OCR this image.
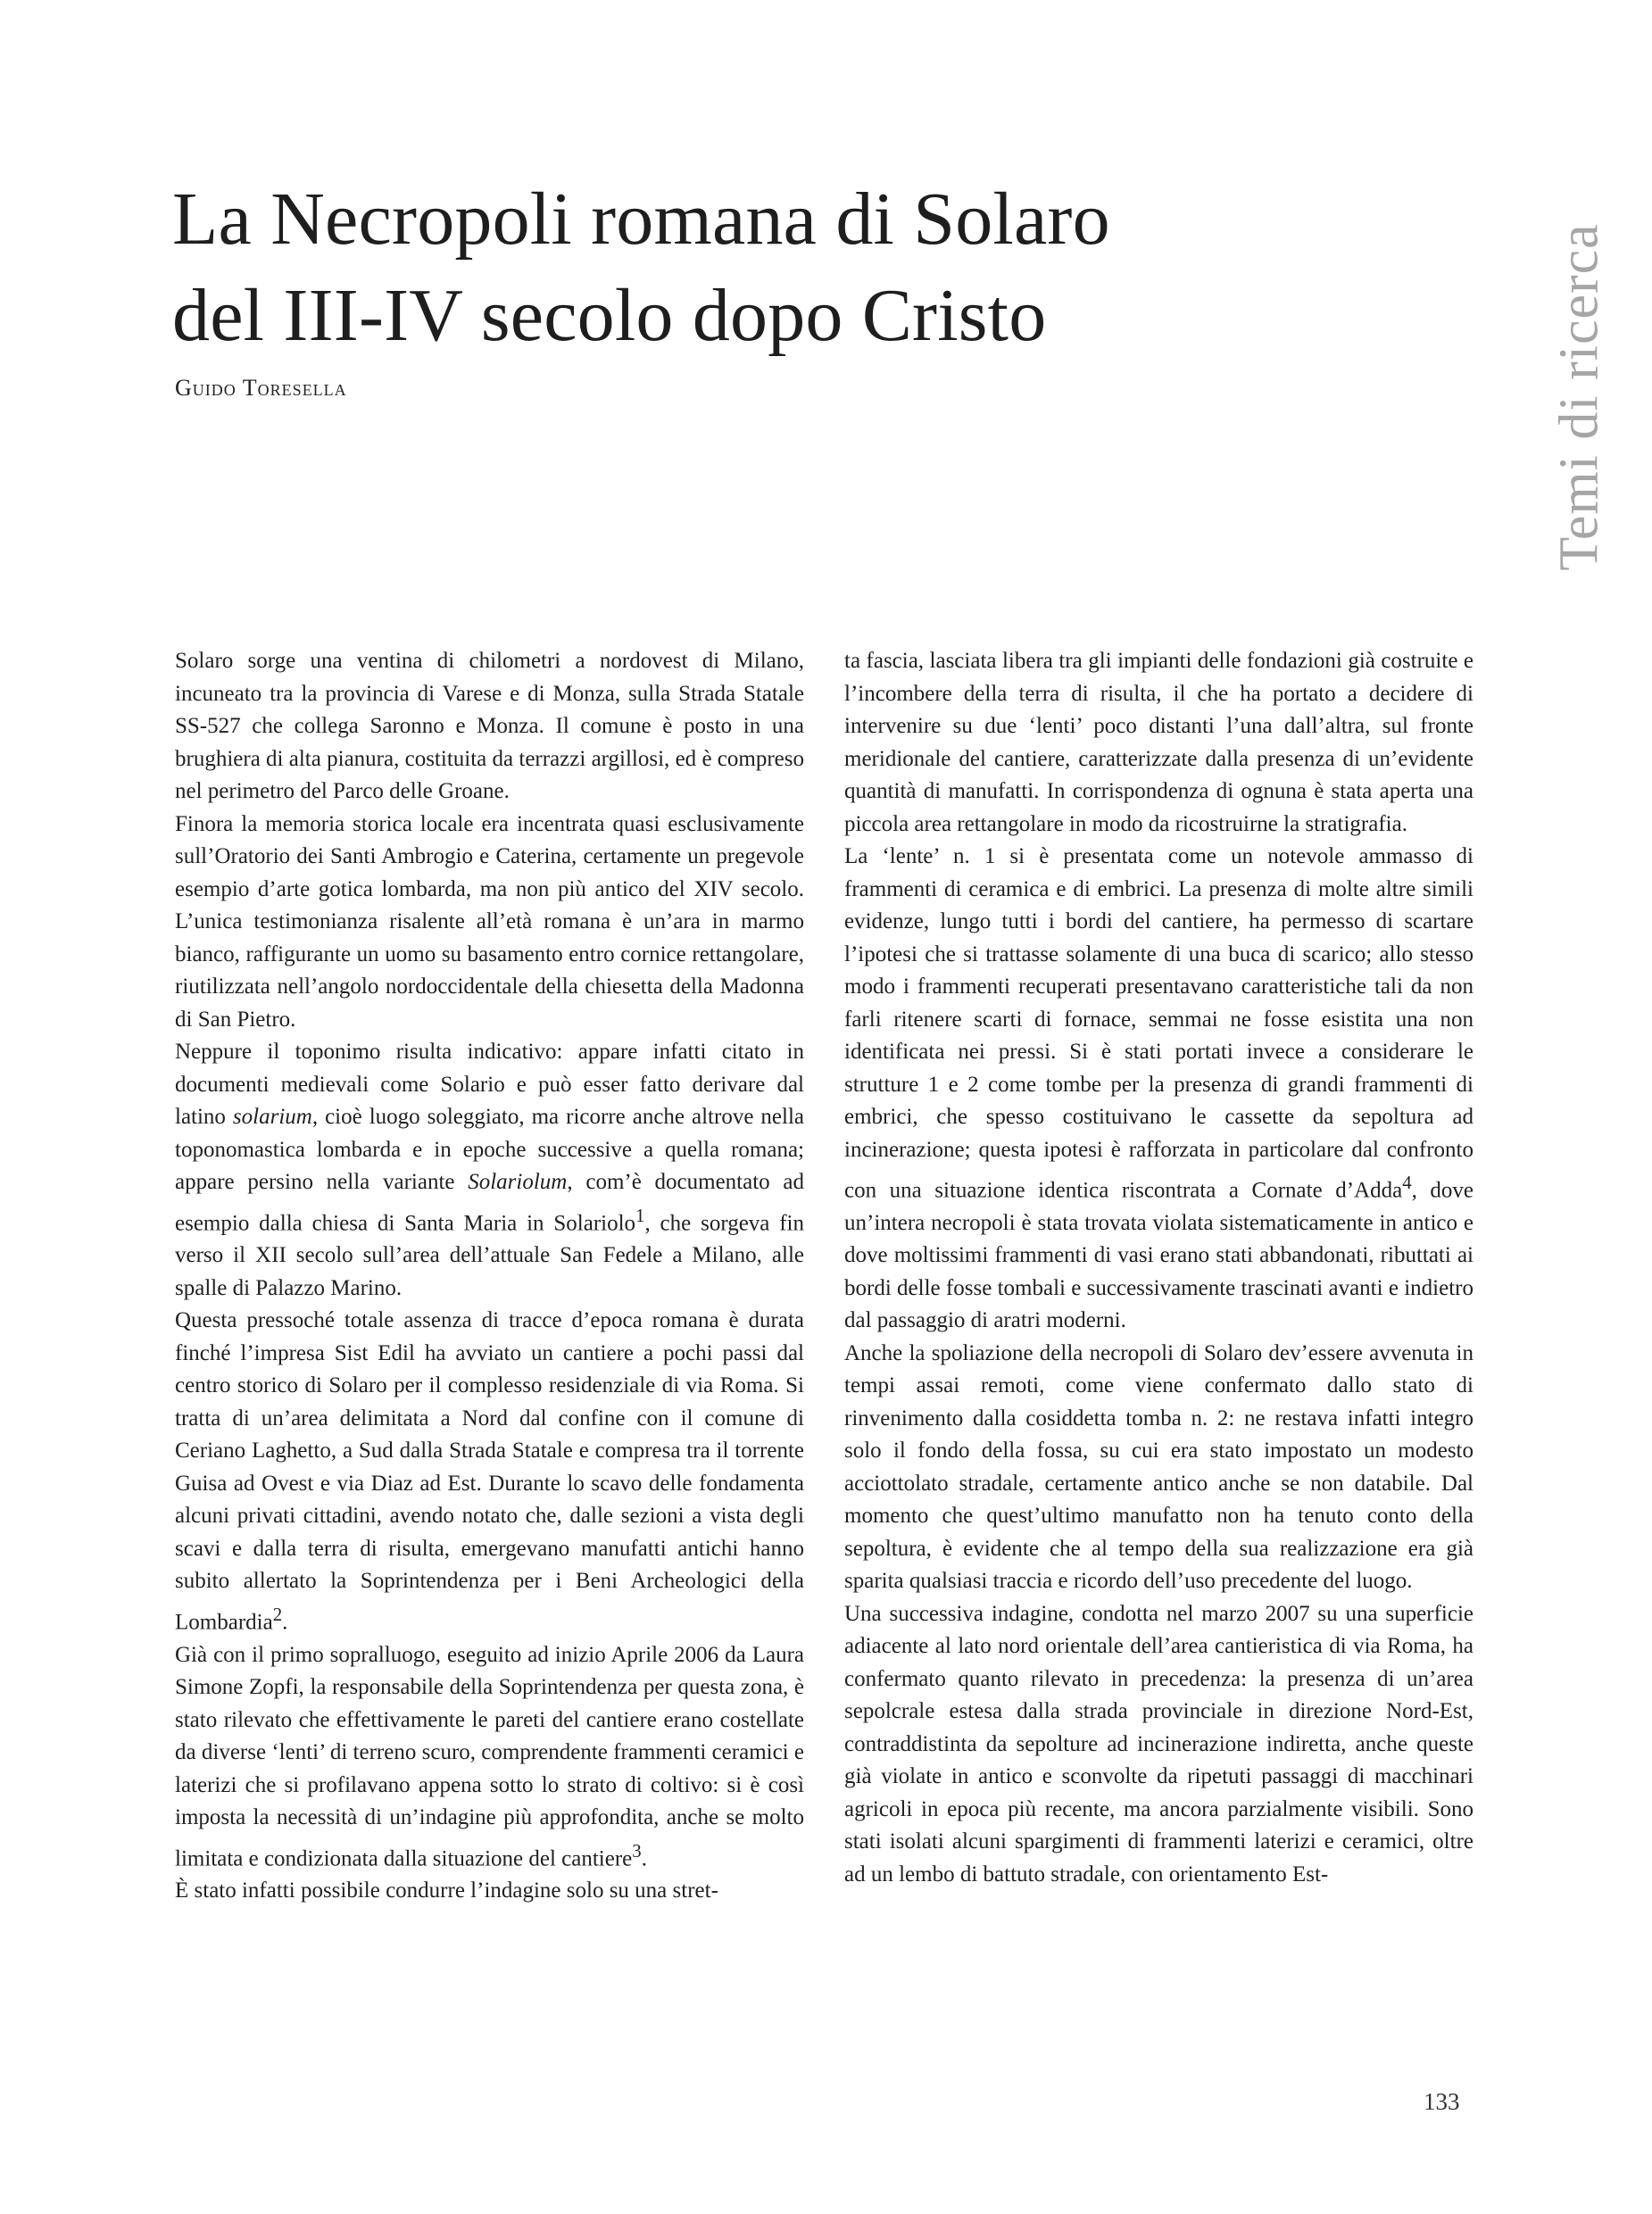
La Necropoli romana di Solaro
del III-IV secolo dopo Cristo

Guido Toresella	Temi di ricerca

Solaro sorge una ventina di chilometri a nordovest di Milano, incuneato tra la provincia di Varese e di Monza, sulla Strada Statale SS-527 che collega Saronno e Monza. Il comune è posto in una brughiera di alta pianura, costituita da terrazzi argillosi, ed è compreso nel perimetro del Parco delle Groane.

Finora la memoria storica locale era incentrata quasi esclusivamente sull’Oratorio dei Santi Ambrogio e Caterina, certamente un pregevole esempio d’arte gotica lombarda, ma non più antico del XIV secolo. L’unica testimonianza risalente all’età romana è un’ara in marmo bianco, raffigurante un uomo su basamento entro cornice rettangolare, riutilizzata nell’angolo nordoccidentale della chiesetta della Madonna di San Pietro.

Neppure il toponimo risulta indicativo: appare infatti citato in documenti medievali come Solario e può esser fatto derivare dal latino solarium, cioè luogo soleggiato, ma ricorre anche altrove nella toponomastica lombarda e in epoche successive a quella romana; appare persino nella variante Solariolum, com’è documentato ad esempio dalla chiesa di Santa Maria in Solariolo$^1$, che sorgeva fin verso il XII secolo sull’area dell’attuale San Fedele a Milano, alle spalle di Palazzo Marino.

Questa pressoché totale assenza di tracce d’epoca romana è durata finché l’impresa Sist Edil ha avviato un cantiere a pochi passi dal centro storico di Solaro per il complesso residenziale di via Roma. Si tratta di un’area delimitata a Nord dal confine con il comune di Ceriano Laghetto, a Sud dalla Strada Statale e compresa tra il torrente Guisa ad Ovest e via Diaz ad Est. Durante lo scavo delle fondamenta alcuni privati cittadini, avendo notato che, dalle sezioni a vista degli scavi e dalla terra di risulta, emergevano manufatti antichi hanno subito allertato la Soprintendenza per i Beni Archeologici della Lombardia$^2$.

Già con il primo sopralluogo, eseguito ad inizio Aprile 2006 da Laura Simone Zopfi, la responsabile della Soprintendenza per questa zona, è stato rilevato che effettivamente le pareti del cantiere erano costellate da diverse ‘lenti’ di terreno scuro, comprendente frammenti ceramici e laterizi che si profilavano appena sotto lo strato di coltivo: si è così imposta la necessità di un’indagine più approfondita, anche se molto limitata e condizionata dalla situazione del cantiere$^3$.

È stato infatti possibile condurre l’indagine solo su una stret-

ta fascia, lasciata libera tra gli impianti delle fondazioni già costruite e l’incombere della terra di risulta, il che ha portato a decidere di intervenire su due ‘lenti’ poco distanti l’una dall’altra, sul fronte meridionale del cantiere, caratterizzate dalla presenza di un’evidente quantità di manufatti. In corrispondenza di ognuna è stata aperta una piccola area rettangolare in modo da ricostruirne la stratigrafia.

La ‘lente’ n. 1 si è presentata come un notevole ammasso di frammenti di ceramica e di embrici. La presenza di molte altre simili evidenze, lungo tutti i bordi del cantiere, ha permesso di scartare l’ipotesi che si trattasse solamente di una buca di scarico; allo stesso modo i frammenti recuperati presentavano caratteristiche tali da non farli ritenere scarti di fornace, semmai ne fosse esistita una non identificata nei pressi. Si è stati portati invece a considerare le strutture 1 e 2 come tombe per la presenza di grandi frammenti di embrici, che spesso costituivano le cassette da sepoltura ad incinerazione; questa ipotesi è rafforzata in particolare dal confronto con una situazione identica riscontrata a Cornate d’Adda$^4$, dove un’intera necropoli è stata trovata violata sistematicamente in antico e dove moltissimi frammenti di vasi erano stati abbandonati, ributtati ai bordi delle fosse tombali e successivamente trascinati avanti e indietro dal passaggio di aratri moderni.

Anche la spoliazione della necropoli di Solaro dev’essere avvenuta in tempi assai remoti, come viene confermato dallo stato di rinvenimento dalla cosiddetta tomba n. 2: ne restava infatti integro solo il fondo della fossa, su cui era stato impostato un modesto acciottolato stradale, certamente antico anche se non databile. Dal momento che quest’ultimo manufatto non ha tenuto conto della sepoltura, è evidente che al tempo della sua realizzazione era già sparita qualsiasi traccia e ricordo dell’uso precedente del luogo.

Una successiva indagine, condotta nel marzo 2007 su una superficie adiacente al lato nord orientale dell’area cantieristica di via Roma, ha confermato quanto rilevato in precedenza: la presenza di un’area sepolcrale estesa dalla strada provinciale in direzione Nord-Est, contraddistinta da sepolture ad incinerazione indiretta, anche queste già violate in antico e sconvolte da ripetuti passaggi di macchinari agricoli in epoca più recente, ma ancora parzialmente visibili. Sono stati isolati alcuni spargimenti di frammenti laterizi e ceramici, oltre ad un lembo di battuto stradale, con orientamento Est-

133
